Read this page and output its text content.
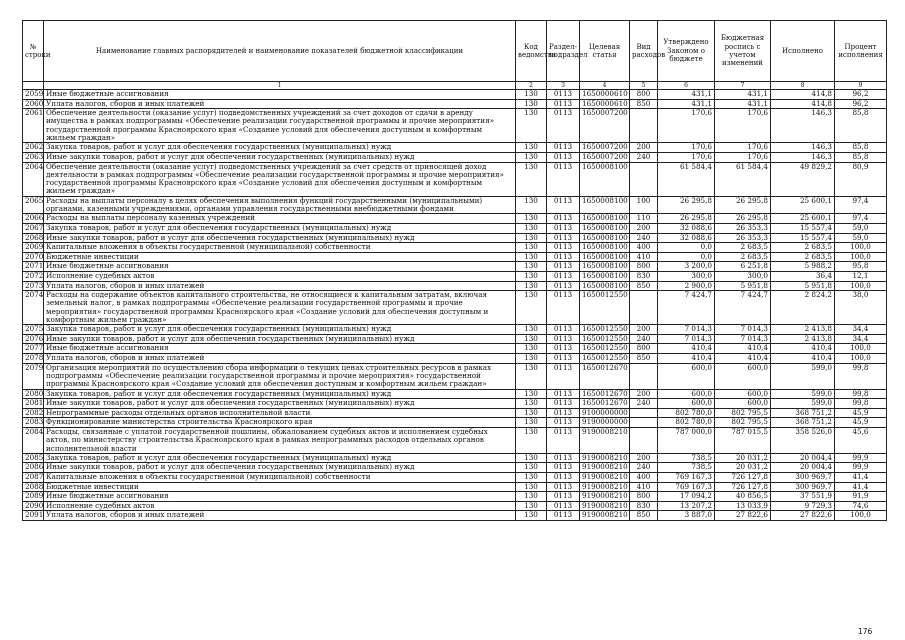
№ строки	Наименование главных распорядителей и наименование показателей бюджетной классификации	Код ведомства	Раздел-подраздел	Целевая статья	Вид расходов	Утверждено Законом о бюджете	Бюджетная роспись с учетом изменений	Исполнено	Процент исполнения
	1	2	3	4	5	6	7	8	9
2059	Иные бюджетные ассигнования	130	0113	1650000610	800	431,1	431,1	414,8	96,2
2060	Уплата налогов, сборов и иных платежей	130	0113	1650000610	850	431,1	431,1	414,8	96,2
2061	Обеспечение деятельности (оказание услуг) подведомственных учреждений за счет доходов от сдачи в аренду имущества в рамках подпрограммы «Обеспечение реализации государственной программы и прочие мероприятия» государственной программы Красноярского края «Создание условий для обеспечения доступным и комфортным жильем граждан»	130	0113	1650007200		170,6	170,6	146,3	85,8
2062	Закупка товаров, работ и услуг для обеспечения государственных (муниципальных) нужд	130	0113	1650007200	200	170,6	170,6	146,3	85,8
2063	Иные закупки товаров, работ и услуг для обеспечения государственных (муниципальных) нужд	130	0113	1650007200	240	170,6	170,6	146,3	85,8
2064	Обеспечение деятельности (оказание услуг) подведомственных учреждений за счет средств от приносящей доход деятельности в рамках подпрограммы «Обеспечение реализации государственной программы и прочие мероприятия» государственной программы Красноярского края «Создание условий для обеспечения доступным и комфортным жильем граждан»	130	0113	1650008100		61 584,4	61 584,4	49 829,2	80,9
2065	Расходы на выплаты персоналу в целях обеспечения выполнения функций государственными (муниципальными) органами, казенными учреждениями, органами управления государственными внебюджетными фондами	130	0113	1650008100	100	26 295,8	26 295,8	25 600,1	97,4
2066	Расходы на выплаты персоналу казенных учреждений	130	0113	1650008100	110	26 295,8	26 295,8	25 600,1	97,4
2067	Закупка товаров, работ и услуг для обеспечения государственных (муниципальных) нужд	130	0113	1650008100	200	32 088,6	26 353,3	15 557,4	59,0
2068	Иные закупки товаров, работ и услуг для обеспечения государственных (муниципальных) нужд	130	0113	1650008100	240	32 088,6	26 353,3	15 557,4	59,0
2069	Капитальные вложения в объекты государственной (муниципальной) собственности	130	0113	1650008100	400	0,0	2 683,5	2 683,5	100,0
2070	Бюджетные инвестиции	130	0113	1650008100	410	0,0	2 683,5	2 683,5	100,0
2071	Иные бюджетные ассигнования	130	0113	1650008100	800	3 200,0	6 251,8	5 988,2	95,8
2072	Исполнение судебных актов	130	0113	1650008100	830	300,0	300,0	36,4	12,1
2073	Уплата налогов, сборов и иных платежей	130	0113	1650008100	850	2 900,0	5 951,8	5 951,8	100,0
2074	Расходы на содержание объектов капитального строительства, не относящиеся к капитальным затратам, включая земельный налог, в рамках подпрограммы «Обеспечение реализации государственной программы и прочие мероприятия» государственной программы Красноярского края «Создание условий для обеспечения доступным и комфортным жильем граждан»	130	0113	1650012550		7 424,7	7 424,7	2 824,2	38,0
2075	Закупка товаров, работ и услуг для обеспечения государственных (муниципальных) нужд	130	0113	1650012550	200	7 014,3	7 014,3	2 413,8	34,4
2076	Иные закупки товаров, работ и услуг для обеспечения государственных (муниципальных) нужд	130	0113	1650012550	240	7 014,3	7 014,3	2 413,8	34,4
2077	Иные бюджетные ассигнования	130	0113	1650012550	800	410,4	410,4	410,4	100,0
2078	Уплата налогов, сборов и иных платежей	130	0113	1650012550	850	410,4	410,4	410,4	100,0
2079	Организация мероприятий по осуществлению сбора информации о текущих ценах строительных ресурсов в рамках подпрограммы «Обеспечение реализации государственной программы и прочие мероприятия» государственной программы Красноярского края «Создание условий для обеспечения доступным и комфортным жильем граждан»	130	0113	1650012670		600,0	600,0	599,0	99,8
2080	Закупка товаров, работ и услуг для обеспечения государственных (муниципальных) нужд	130	0113	1650012670	200	600,0	600,0	599,0	99,8
2081	Иные закупки товаров, работ и услуг для обеспечения государственных (муниципальных) нужд	130	0113	1650012670	240	600,0	600,0	599,0	99,8
2082	Непрограммные расходы отдельных органов исполнительной власти	130	0113	9100000000		802 780,0	802 795,5	368 751,2	45,9
2083	Функционирование министерства строительства Красноярского края	130	0113	9190000000		802 780,0	802 795,5	368 751,2	45,9
2084	Расходы, связанные с уплатой государственной пошлины, обжалованием судебных актов и исполнением судебных актов, по министерству строительства Красноярского края в рамках непрограммных расходов отдельных органов исполнительной власти	130	0113	9190008210		787 000,0	787 015,5	358 526,0	45,6
2085	Закупка товаров, работ и услуг для обеспечения государственных (муниципальных) нужд	130	0113	9190008210	200	738,5	20 031,2	20 004,4	99,9
2086	Иные закупки товаров, работ и услуг для обеспечения государственных (муниципальных) нужд	130	0113	9190008210	240	738,5	20 031,2	20 004,4	99,9
2087	Капитальные вложения в объекты государственной (муниципальной) собственности	130	0113	9190008210	400	769 167,3	726 127,8	300 969,7	41,4
2088	Бюджетные инвестиции	130	0113	9190008210	410	769 167,3	726 127,8	300 969,7	41,4
2089	Иные бюджетные ассигнования	130	0113	9190008210	800	17 094,2	40 856,5	37 551,9	91,9
2090	Исполнение судебных актов	130	0113	9190008210	830	13 207,2	13 033,9	9 729,3	74,6
2091	Уплата налогов, сборов и иных платежей	130	0113	9190008210	850	3 887,0	27 822,6	27 822,6	100,0
176
